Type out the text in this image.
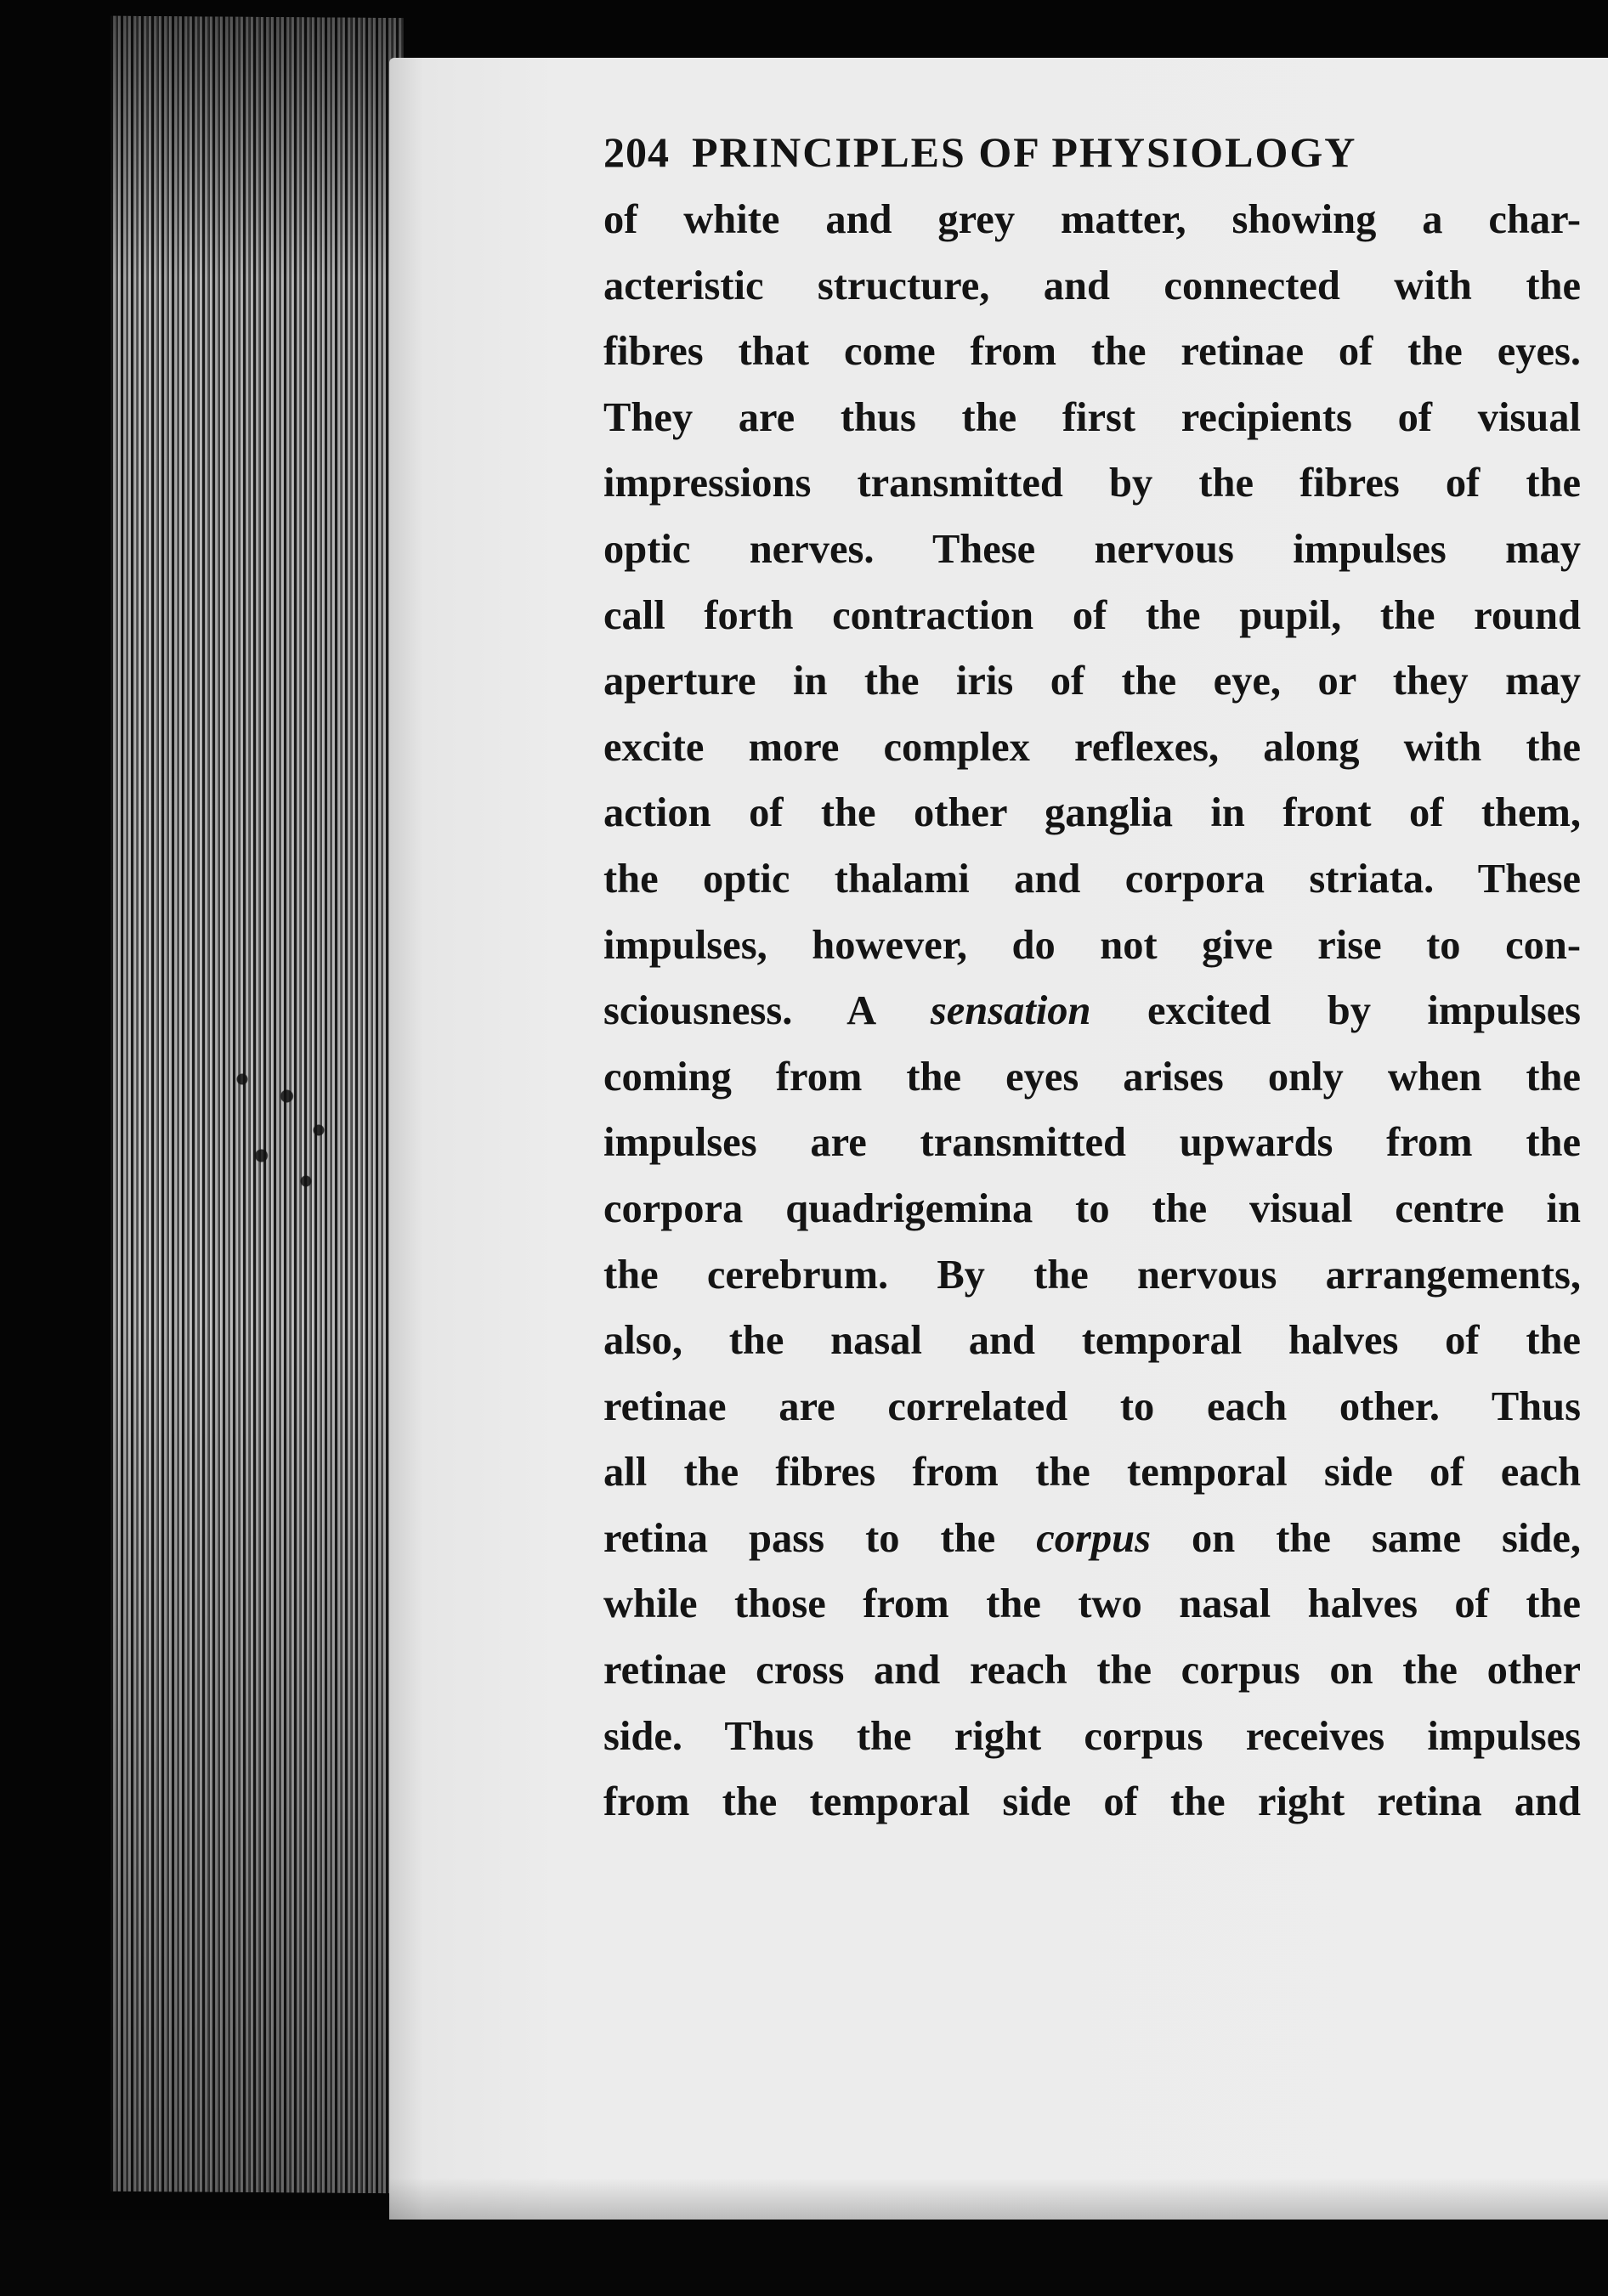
204 PRINCIPLES OF PHYSIOLOGY

of white and grey matter, showing a char-
acteristic structure, and connected with the
fibres that come from the retinae of the eyes.
They are thus the first recipients of visual
impressions transmitted by the fibres of the
optic nerves. These nervous impulses may
call forth contraction of the pupil, the round
aperture in the iris of the eye, or they may
excite more complex reflexes, along with the
action of the other ganglia in front of them,
the optic thalami and corpora striata. These
impulses, however, do not give rise to con-
sciousness. A sensation excited by impulses
coming from the eyes arises only when the
impulses are transmitted upwards from the
corpora quadrigemina to the visual centre in
the cerebrum. By the nervous arrangements,
also, the nasal and temporal halves of the
retinae are correlated to each other. Thus
all the fibres from the temporal side of each
retina pass to the corpus on the same side,
while those from the two nasal halves of the
retinae cross and reach the corpus on the other
side. Thus the right corpus receives impulses
from the temporal side of the right retina and
